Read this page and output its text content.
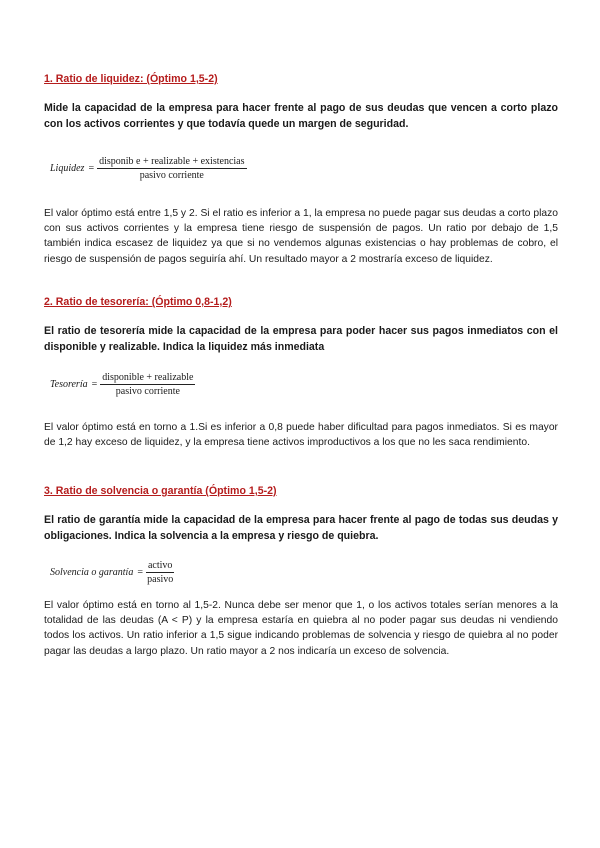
1. Ratio de liquidez: (Óptimo 1,5-2)

Mide la capacidad de la empresa para hacer frente al pago de sus deudas que vencen a corto plazo con los activos corrientes y que todavía quede un margen de seguridad.

Liquidez = $\frac{\text{disponib e + realizable + existencias}}{\text{pasivo corriente}}$

El valor óptimo está entre 1,5 y 2. Si el ratio es inferior a 1, la empresa no puede pagar sus deudas a corto plazo con sus activos corrientes y la empresa tiene riesgo de suspensión de pagos. Un ratio por debajo de 1,5 también indica escasez de liquidez ya que si no vendemos algunas existencias o hay problemas de cobro, el riesgo de suspensión de pagos seguiría ahí. Un resultado mayor a 2 mostraría exceso de liquidez.

2. Ratio de tesorería: (Óptimo 0,8-1,2)

El ratio de tesorería mide la capacidad de la empresa para poder hacer sus pagos inmediatos con el disponible y realizable. Indica la liquidez más inmediata

Tesorería = $\frac{\text{disponible + realizable}}{\text{pasivo corriente}}$

El valor óptimo está en torno a 1.Si es inferior a 0,8 puede haber dificultad para pagos inmediatos. Si es mayor de 1,2 hay exceso de liquidez, y la empresa tiene activos improductivos a los que no les saca rendimiento.

3. Ratio de solvencia o garantía (Óptimo 1,5-2)

El ratio de garantía mide la capacidad de la empresa para hacer frente al pago de todas sus deudas y obligaciones. Indica la solvencia a la empresa y riesgo de quiebra.

Solvencia o garantía = $\frac{\text{activo}}{\text{pasivo}}$

El valor óptimo está en torno al 1,5-2. Nunca debe ser menor que 1, o los activos totales serían menores a la totalidad de las deudas (A < P) y la empresa estaría en quiebra al no poder pagar sus deudas ni vendiendo todos los activos. Un ratio inferior a 1,5 sigue indicando problemas de solvencia y riesgo de quiebra al no poder pagar las deudas a largo plazo. Un ratio mayor a 2 nos indicaría un exceso de solvencia.
